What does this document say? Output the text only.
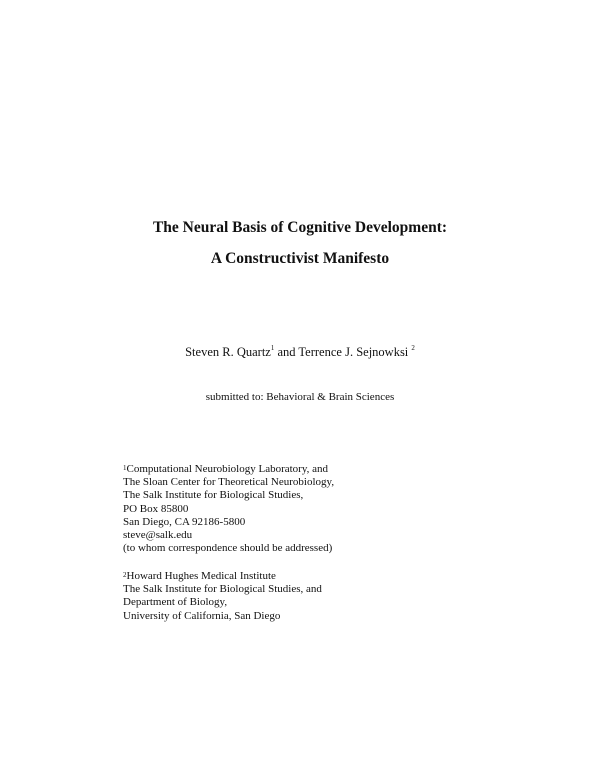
The Neural Basis of Cognitive Development:
A Constructivist Manifesto
Steven R. Quartz$^1$ and Terrence J. Sejnowksi $^2$
submitted to: Behavioral & Brain Sciences
$^1$Computational Neurobiology Laboratory, and
The Sloan Center for Theoretical Neurobiology,
The Salk Institute for Biological Studies,
PO Box 85800
San Diego, CA 92186-5800
steve@salk.edu
(to whom correspondence should be addressed)
$^2$Howard Hughes Medical Institute
The Salk Institute for Biological Studies, and
Department of Biology,
University of California, San Diego
